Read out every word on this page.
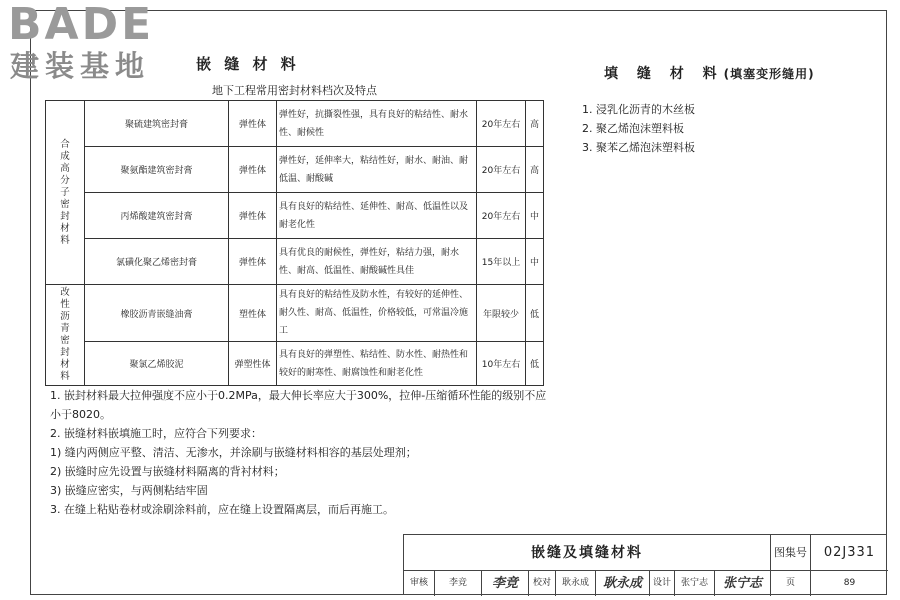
BADE
建装基地	嵌 缝 材 料
地下工程常用密封材料档次及特点
合成高分子密封材料	聚硫建筑密封膏	弹性体	弹性好，抗撕裂性强，具有良好的粘结性、耐水性、耐候性	20年左右	高
	聚氨酯建筑密封膏	弹性体	弹性好，延伸率大，粘结性好，耐水、耐油、耐低温、耐酸碱	20年左右	高
	丙烯酸建筑密封膏	弹性体	具有良好的粘结性、延伸性、耐高、低温性以及耐老化性	20年左右	中
	氯磺化聚乙烯密封膏	弹性体	具有优良的耐候性，弹性好，粘结力强，耐水性、耐高、低温性、耐酸碱性具佳	15年以上	中
改性沥青密封材料	橡胶沥青嵌缝油膏	塑性体	具有良好的粘结性及防水性，有较好的延伸性、耐久性、耐高、低温性，价格较低，可常温冷施工	年限较少	低
	聚氯乙烯胶泥	弹塑性体	具有良好的弹塑性、粘结性、防水性、耐热性和较好的耐寒性、耐腐蚀性和耐老化性	10年左右	低
填 缝 材 料(填塞变形缝用)
1. 浸乳化沥青的木丝板
2. 聚乙烯泡沫塑料板
3. 聚苯乙烯泡沫塑料板
1. 嵌封材料最大拉伸强度不应小于0.2MPa，最大伸长率应大于300%，拉伸-压缩循环性能的级别不应
小于8020。
2. 嵌缝材料嵌填施工时，应符合下列要求：
1) 缝内两侧应平整、清洁、无渗水，并涂刷与嵌缝材料相容的基层处理剂；
2) 嵌缝时应先设置与嵌缝材料隔离的背衬材料；
3) 嵌缝应密实，与两侧粘结牢固
3. 在缝上粘贴卷材或涂刷涂料前，应在缝上设置隔离层，而后再施工。
嵌缝及填缝材料	图集号	02J331
审核	李竞	李竞	校对	耿永成	耿永成	设计	张宁志	张宁志	页	89
